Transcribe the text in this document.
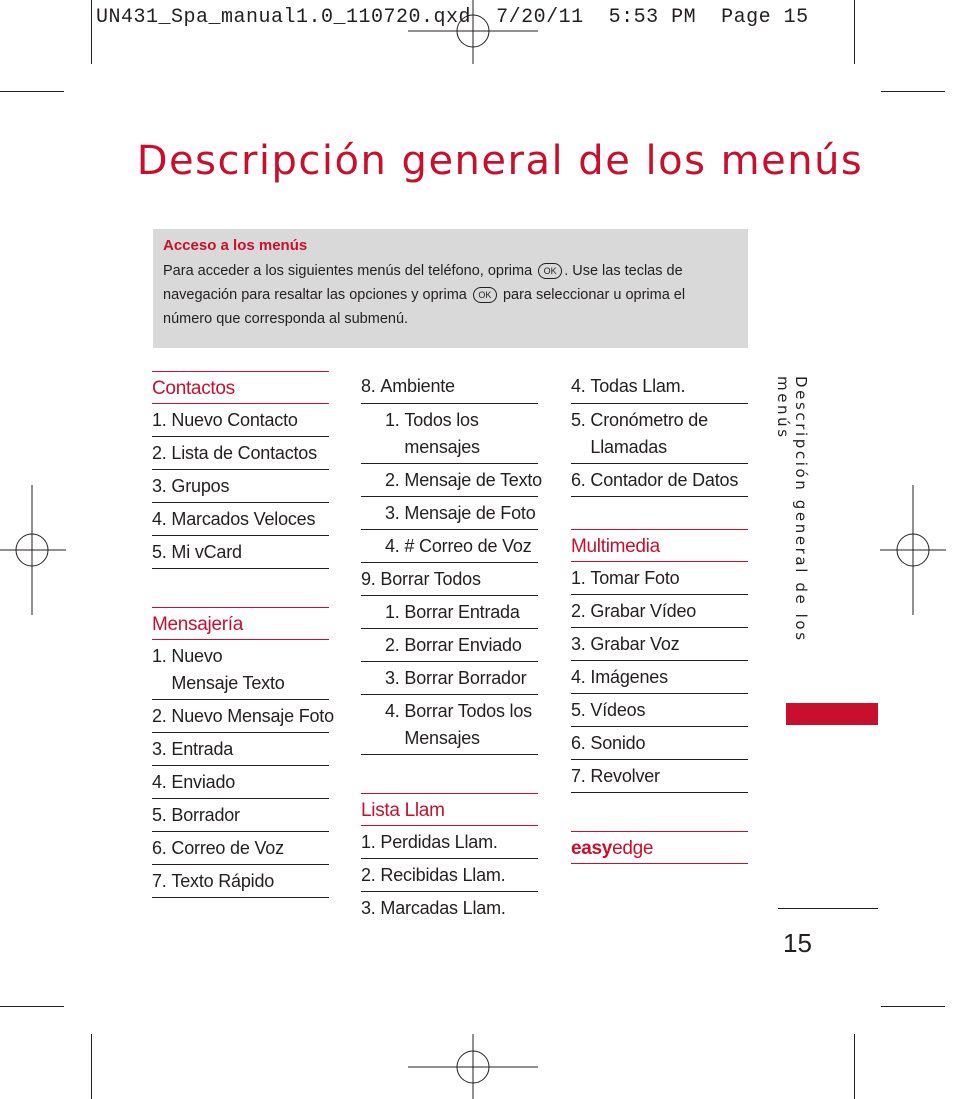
UN431_Spa_manual1.0_110720.qxd  7/20/11  5:53 PM  Page 15
Descripción general de los menús
Acceso a los menús
Para acceder a los siguientes menús del teléfono, oprima OK . Use las teclas de
navegación para resaltar las opciones y oprima OK para seleccionar u oprima el
número que corresponda al submenú.
Contactos
1. Nuevo Contacto
2. Lista de Contactos
3. Grupos
4. Marcados Veloces
5. Mi vCard
Mensajería
1. Nuevo Mensaje Texto
2. Nuevo Mensaje Foto
3. Entrada
4. Enviado
5. Borrador
6. Correo de Voz
7. Texto Rápido
8. Ambiente
1. Todos los mensajes
2. Mensaje de Texto
3. Mensaje de Foto
4. # Correo de Voz
9. Borrar Todos
1. Borrar Entrada
2. Borrar Enviado
3. Borrar Borrador
4. Borrar Todos los Mensajes
Lista Llam
1. Perdidas Llam.
2. Recibidas Llam.
3. Marcadas Llam.
4. Todas Llam.
5. Cronómetro de Llamadas
6. Contador de Datos
Multimedia
1. Tomar Foto
2. Grabar Vídeo
3. Grabar Voz
4. Imágenes
5. Vídeos
6. Sonido
7. Revolver
easyedge
Descripción general de los menús
15
